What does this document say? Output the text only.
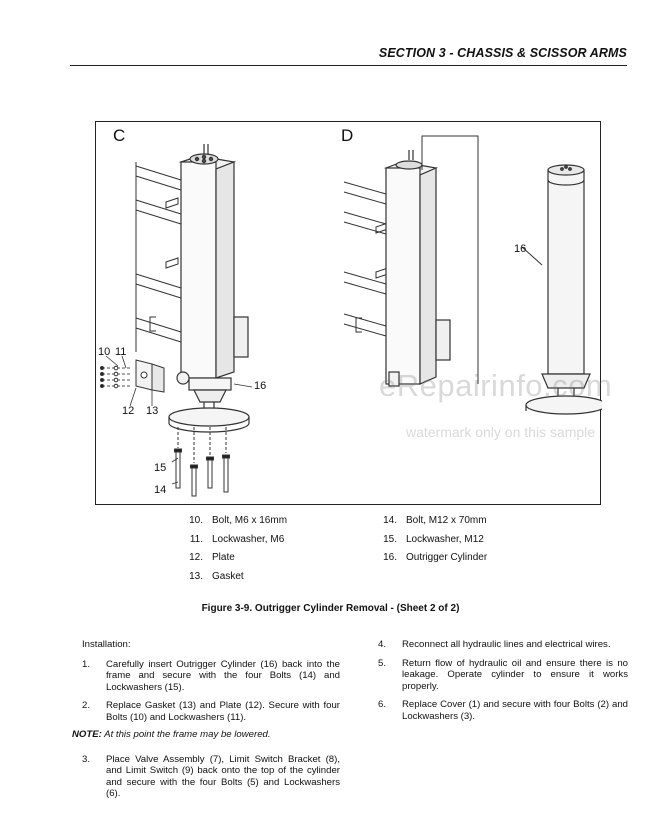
SECTION 3 - CHASSIS & SCISSOR ARMS
C
10 11
12 13
14
15
16
D
16
eRepairinfo.com
watermark only on this sample
10. Bolt, M6 x 16mm
11. Lockwasher, M6
12. Plate
13. Gasket
14. Bolt, M12 x 70mm
15. Lockwasher, M12
16. Outrigger Cylinder
Figure 3-9. Outrigger Cylinder Removal - (Sheet 2 of 2)
Installation:
1.	Carefully insert Outrigger Cylinder (16) back into the frame and secure with the four Bolts (14) and Lockwashers (15).
2.	Replace Gasket (13) and Plate (12). Secure with four Bolts (10) and Lockwashers (11).
NOTE: At this point the frame may be lowered.
3.	Place Valve Assembly (7), Limit Switch Bracket (8), and Limit Switch (9) back onto the top of the cylinder and secure with the four Bolts (5) and Lockwashers (6).
4.	Reconnect all hydraulic lines and electrical wires.
5.	Return flow of hydraulic oil and ensure there is no leakage. Operate cylinder to ensure it works properly.
6.	Replace Cover (1) and secure with four Bolts (2) and Lockwashers (3).
